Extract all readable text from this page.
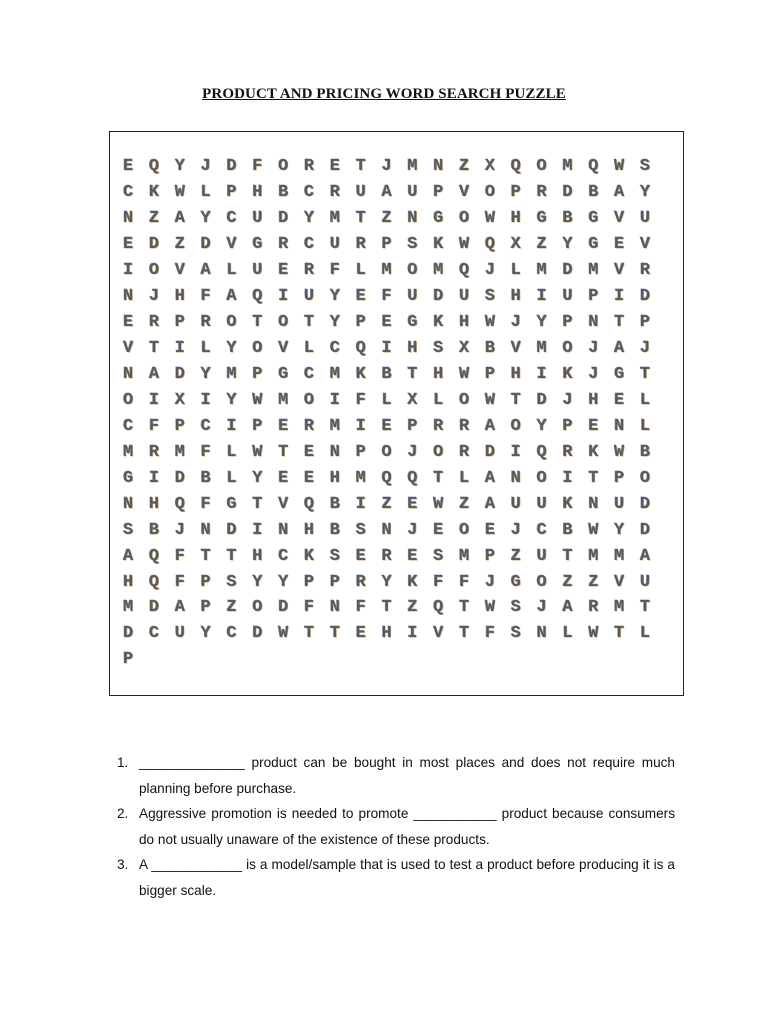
PRODUCT AND PRICING WORD SEARCH PUZZLE
E Q Y J D F O R E T J M N Z X Q O M Q W S
C K W L P H B C R U A U P V O P R D B A Y
N Z A Y C U D Y M T Z N G O W H G B G V U
E D Z D V G R C U R P S K W Q X Z Y G E V
I O V A L U E R F L M O M Q J L M D M V R
N J H F A Q I U Y E F U D U S H I U P I D
E R P R O T O T Y P E G K H W J Y P N T P
V T I L Y O V L C Q I H S X B V M O J A J
N A D Y M P G C M K B T H W P H I K J G T
O I X I Y W M O I F L X L O W T D J H E L
C F P C I P E R M I E P R R A O Y P E N L
M R M F L W T E N P O J O R D I Q R K W B
G I D B L Y E E H M Q Q T L A N O I T P O
N H Q F G T V Q B I Z E W Z A U U K N U D
S B J N D I N H B S N J E O E J C B W Y D
A Q F T T H C K S E R E S M P Z U T M M A
H Q F P S Y Y P P R Y K F F J G O Z Z V U
M D A P Z O D F N F T Z Q T W S J A R M T
D C U Y C D W T T E H I V T F S N L W T L
P
1. ______________ product can be bought in most places and does not require much planning before purchase.
2. Aggressive promotion is needed to promote ___________ product because consumers do not usually unaware of the existence of these products.
3. A ____________ is a model/sample that is used to test a product before producing it is a bigger scale.
